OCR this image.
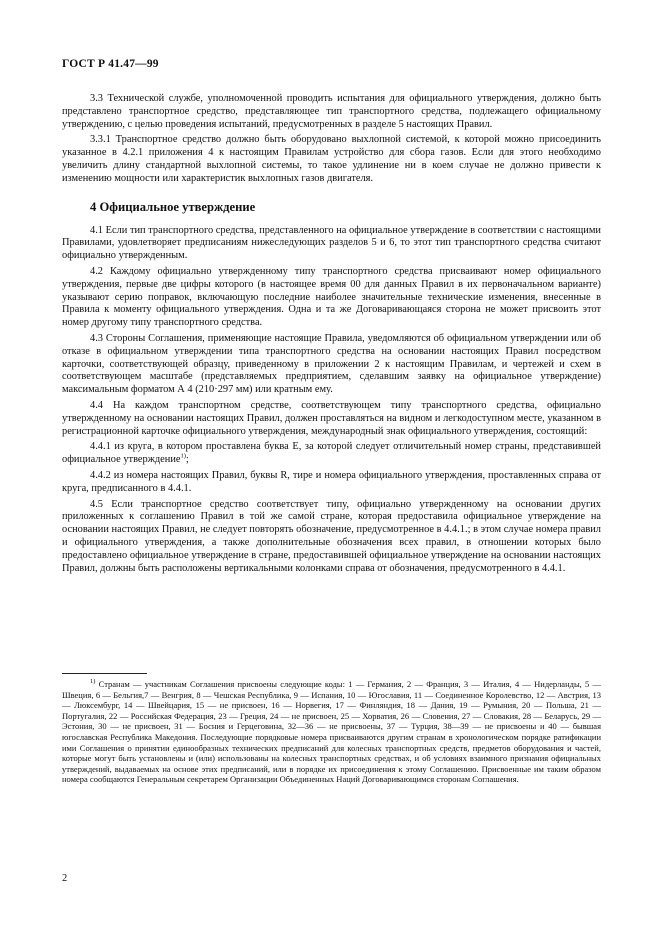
ГОСТ Р 41.47—99

3.3 Технической службе, уполномоченной проводить испытания для официального утверждения, должно быть представлено транспортное средство, представляющее тип транспортного средства, подлежащего официальному утверждению, с целью проведения испытаний, предусмотренных в разделе 5 настоящих Правил.

3.3.1 Транспортное средство должно быть оборудовано выхлопной системой, к которой можно присоединить указанное в 4.2.1 приложения 4 к настоящим Правилам устройство для сбора газов. Если для этого необходимо увеличить длину стандартной выхлопной системы, то такое удлинение ни в коем случае не должно привести к изменению мощности или характеристик выхлопных газов двигателя.

4 Официальное утверждение

4.1 Если тип транспортного средства, представленного на официальное утверждение в соответствии с настоящими Правилами, удовлетворяет предписаниям нижеследующих разделов 5 и 6, то этот тип транспортного средства считают официально утвержденным.

4.2 Каждому официально утвержденному типу транспортного средства присваивают номер официального утверждения, первые две цифры которого (в настоящее время 00 для данных Правил в их первоначальном варианте) указывают серию поправок, включающую последние наиболее значительные технические изменения, внесенные в Правила к моменту официального утверждения. Одна и та же Договаривающаяся сторона не может присвоить этот номер другому типу транспортного средства.

4.3 Стороны Соглашения, применяющие настоящие Правила, уведомляются об официальном утверждении или об отказе в официальном утверждении типа транспортного средства на основании настоящих Правил посредством карточки, соответствующей образцу, приведенному в приложении 2 к настоящим Правилам, и чертежей и схем в соответствующем масштабе (представляемых предприятием, сделавшим заявку на официальное утверждение) максимальным форматом А 4 (210·297 мм) или кратным ему.

4.4 На каждом транспортном средстве, соответствующем типу транспортного средства, официально утвержденному на основании настоящих Правил, должен проставляться на видном и легкодоступном месте, указанном в регистрационной карточке официального утверждения, международный знак официального утверждения, состоящий:

4.4.1 из круга, в котором проставлена буква E, за которой следует отличительный номер страны, представившей официальное утверждение$^{1)}$;

4.4.2 из номера настоящих Правил, буквы R, тире и номера официального утверждения, проставленных справа от круга, предписанного в 4.4.1.

4.5 Если транспортное средство соответствует типу, официально утвержденному на основании других приложенных к соглашению Правил в той же самой стране, которая предоставила официальное утверждение на основании настоящих Правил, не следует повторять обозначение, предусмотренное в 4.4.1.; в этом случае номера правил и официального утверждения, а также дополнительные обозначения всех правил, в отношении которых было предоставлено официальное утверждение в стране, предоставившей официальное утверждение на основании настоящих Правил, должны быть расположены вертикальными колонками справа от обозначения, предусмотренного в 4.4.1.

$^{1)}$ Странам — участникам Соглашения присвоены следующие коды: 1 — Германия, 2 — Франция, 3 — Италия, 4 — Нидерланды, 5 — Швеция, 6 — Бельгия,7 — Венгрия, 8 — Чешская Республика, 9 — Испания, 10 — Югославия, 11 — Соединенное Королевство, 12 — Австрия, 13 — Люксембург, 14 — Швейцария, 15 — не присвоен, 16 — Норвегия, 17 — Финляндия, 18 — Дания, 19 — Румыния, 20 — Польша, 21 — Португалия, 22 — Российская Федерация, 23 — Греция, 24 — не присвоен, 25 — Хорватия, 26 — Словения, 27 — Словакия, 28 — Беларусь, 29 — Эстония, 30 — не присвоен, 31 — Босния и Герцеговина, 32—36 — не присвоены, 37 — Турция, 38—39 — не присвоены и 40 — бывшая югославская Республика Македония. Последующие порядковые номера присваиваются другим странам в хронологическом порядке ратификации ими Соглашения о принятии единообразных технических предписаний для колесных транспортных средств, предметов оборудования и частей, которые могут быть установлены и (или) использованы на колесных транспортных средствах, и об условиях взаимного признания официальных утверждений, выдаваемых на основе этих предписаний, или в порядке их присоединения к этому Соглашению. Присвоенные им таким образом номера сообщаются Генеральным секретарем Организации Объединенных Наций Договаривающимся сторонам Соглашения.

2
